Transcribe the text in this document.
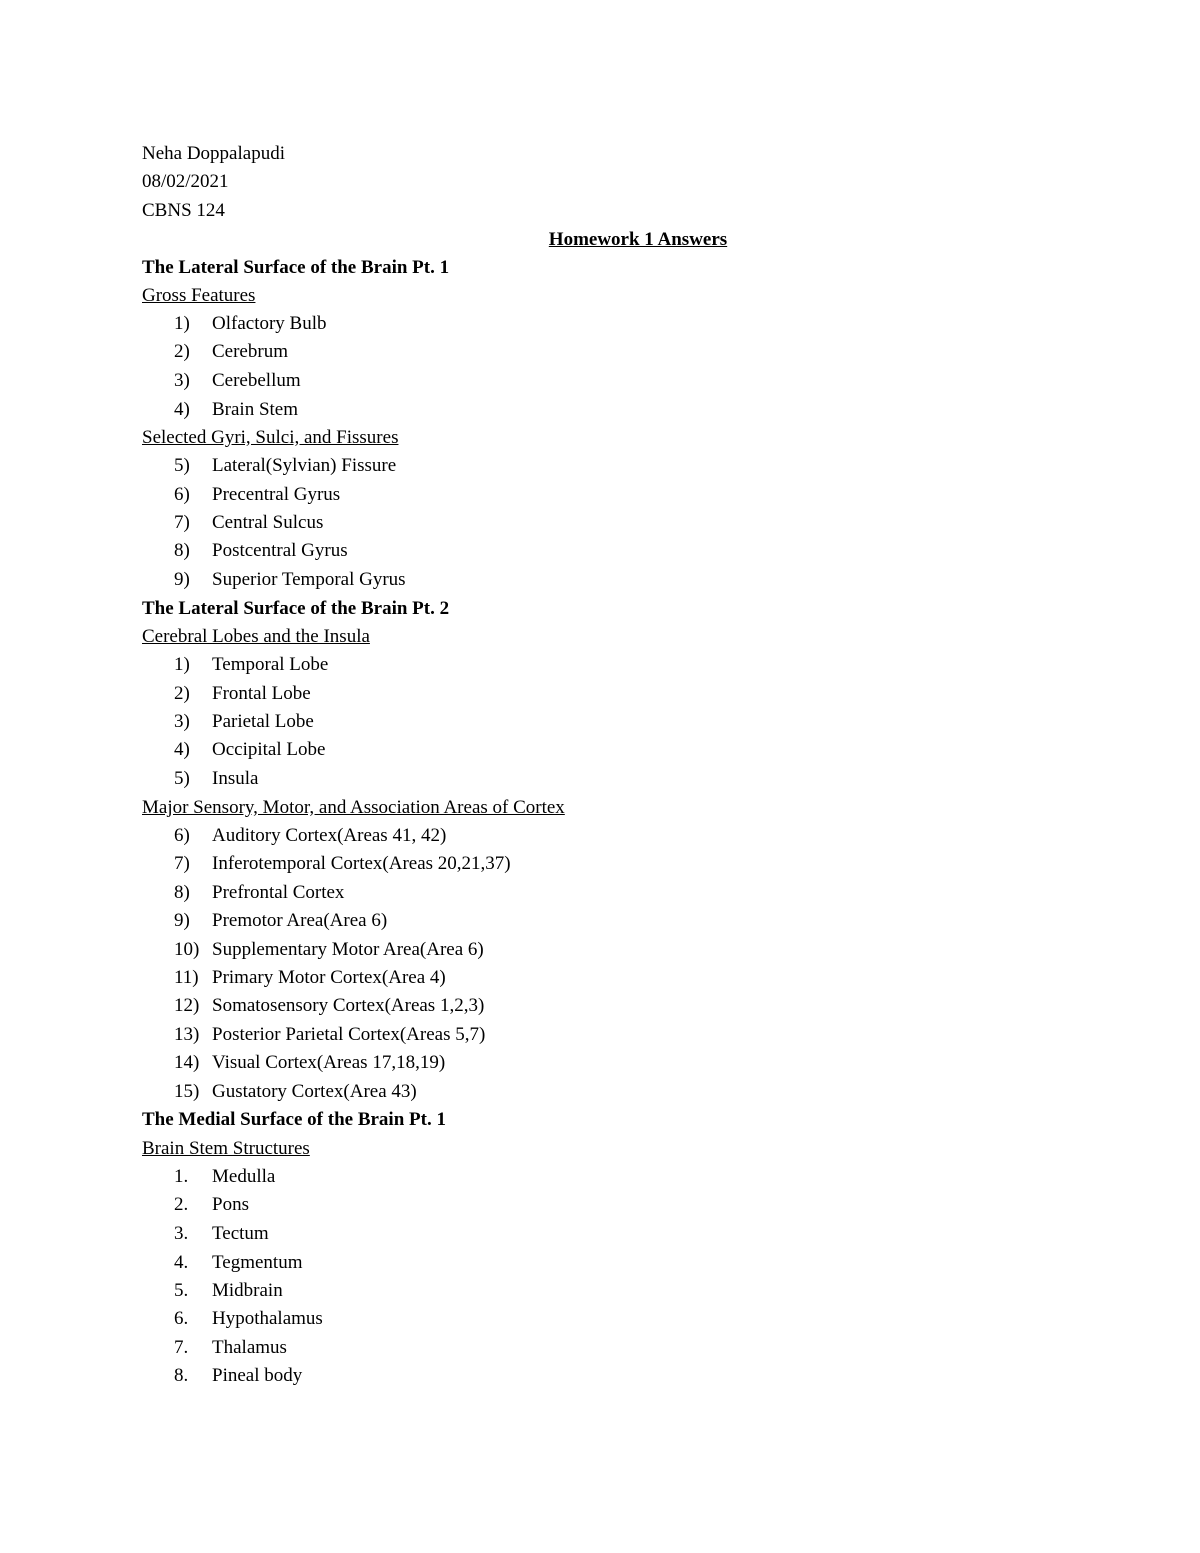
Neha Doppalapudi
08/02/2021
CBNS 124
Homework 1 Answers
The Lateral Surface of the Brain Pt. 1
Gross Features
1) Olfactory Bulb
2) Cerebrum
3) Cerebellum
4) Brain Stem
Selected Gyri, Sulci, and Fissures
5) Lateral(Sylvian) Fissure
6) Precentral Gyrus
7) Central Sulcus
8) Postcentral Gyrus
9) Superior Temporal Gyrus
The Lateral Surface of the Brain Pt. 2
Cerebral Lobes and the Insula
1) Temporal Lobe
2) Frontal Lobe
3) Parietal Lobe
4) Occipital Lobe
5) Insula
Major Sensory, Motor, and Association Areas of Cortex
6) Auditory Cortex(Areas 41, 42)
7) Inferotemporal Cortex(Areas 20,21,37)
8) Prefrontal Cortex
9) Premotor Area(Area 6)
10) Supplementary Motor Area(Area 6)
11) Primary Motor Cortex(Area 4)
12) Somatosensory Cortex(Areas 1,2,3)
13) Posterior Parietal Cortex(Areas 5,7)
14) Visual Cortex(Areas 17,18,19)
15) Gustatory Cortex(Area 43)
The Medial Surface of the Brain Pt. 1
Brain Stem Structures
1. Medulla
2. Pons
3. Tectum
4. Tegmentum
5. Midbrain
6. Hypothalamus
7. Thalamus
8. Pineal body
